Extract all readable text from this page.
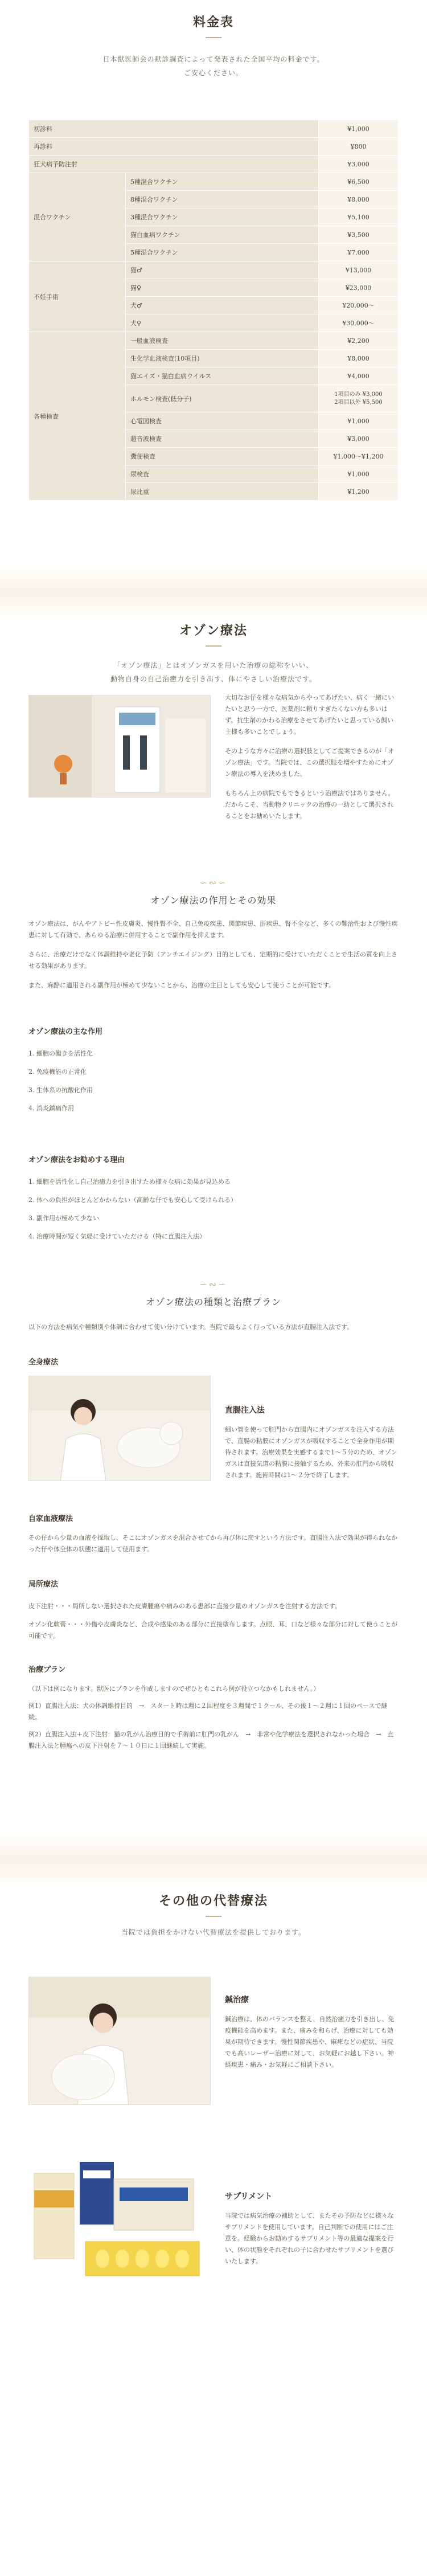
料金表
日本獣医師会の献診調査によって発表された全国平均の料金です。
ご安心ください。
初診料		¥1,000
再診料		¥800
狂犬病予防注射		¥3,000
混合ワクチン	5種混合ワクチン	¥6,500
	8種混合ワクチン	¥8,000
	3種混合ワクチン	¥5,100
	猫白血病ワクチン	¥3,500
	5種混合ワクチン	¥7,000
不妊手術	猫♂	¥13,000
	猫♀	¥23,000
	犬♂	¥20,000〜
	犬♀	¥30,000〜
各種検査	一般血液検査	¥2,200
	生化学血液検査(10項目)	¥8,000
	猫エイズ・猫白血病ウイルス	¥4,000
	ホルモン検査(低分子)	1項目のみ ¥3,000
2項目以外 ¥5,500
	心電図検査	¥1,000
	超音波検査	¥3,000
	糞便検査	¥1,000〜¥1,200
	尿検査	¥1,000
	尿比重	¥1,200
オゾン療法
「オゾン療法」とはオゾンガスを用いた治療の総称をいい、
動物自身の自己治癒力を引き出す、体にやさしい治療法です。

大切なお仔を様々な病気からやってあげたい、病く一緒にいたいと思う一方で、医薬剤に頼りすぎたくない方も多いはず。抗生剤のかわる治療をさせてあげたいと思っている飼い主様も多いことでしょう。

そのような方々に治療の選択肢としてご提案できるのが「オゾン療法」です。当院では、この選択肢を増やすためにオゾン療法の導入を決めました。

もちろん上の病院でもできるという治療法ではありません。だからこそ、当動物クリニックの治療の一助として選択されることをお勧めいたします。

∽∾∽
オゾン療法の作用とその効果

オゾン療法は、がんやアトピー性皮膚炎、慢性腎不全、自己免疫疾患、関節疾患、肝疾患、腎不全など、多くの難治性および慢性疾患に対して有効で、あらゆる治療に併用することで副作用を抑えます。

さらに、治療だけでなく体調維持や老化予防（アンチエイジング）目的としても、定期的に受けていただくことで生活の質を向上させる効果があります。

また、麻酔に適用される副作用が極めて少ないことから、治療の主目としても安心して使うことが可能です。

オゾン療法の主な作用
1. 細胞の働きを活性化
2. 免疫機能の正常化
3. 生体系の抗酸化作用
4. 消炎鎮痛作用
オゾン療法をお勧めする理由
1. 細胞を活性化し自己治癒力を引き出すため様々な病に効果が見込める
2. 体への負担がほとんどかからない（高齢な仔でも安心して受けられる）
3. 副作用が極めて少ない
4. 治療時間が短く気軽に受けていただける（特に直腸注入法）
∽∾∽
オゾン療法の種類と治療プラン
以下の方法を病気や種類別や体調に合わせて使い分けています。当院で最もよく行っている方法が直腸注入法です。
全身療法
直腸注入法
細い管を使って肛門から直腸内にオゾンガスを注入する方法で、直腸の粘膜にオゾンガスが吸収することで全身作用が期待されます。治療効果を実感するまで1〜５分のため、オゾンガスは直接気道の粘膜に接触するため、外来の肛門から吸収されます。施術時間は1〜２分で終了します。
自家血液療法
その仔から少量の血液を採取し、そこにオゾンガスを混合させてから再び体に戻すという方法です。直腸注入法で効果が得られなかった仔や体全体の状態に適用して使用ます。
局所療法

皮下注射・・・局所しない選択された皮膚腫瘍や痛みのある患部に直接少量のオゾンガスを注射する方法です。

オゾン化軟膏・・・外傷や皮膚炎など、合成や感染のある部分に直接塗布します。点眼、耳、口など様々な部分に対して使うことが可能です。

治療プラン

（以下は例になります。獣医にプランを作成しますのでぜひともこれら例が役立つなかもしれません。）

例1）直腸注入法：犬の体調維持目的　→　スタート時は週に２回程度を３週間で１クール、その後１〜２週に１回のペースで継続。

例2）直腸注入法＋皮下注射：猫の乳がん治療目的で手術前に肛門の乳がん　→　非常や化学療法を選択されなかった場合　→　直腸注入法と腫瘍への皮下注射を７〜１０日に１回継続して実施。

その他の代替療法
当院では負担をかけない代替療法を提供しております。
鍼治療
鍼治療は、体のバランスを整え、自然治癒力を引き出し、免疫機能を高めます。また、痛みを和らげ、治療に対しても効果が期待できます。慢性関節疾患や、麻痺などの症状、当院でも高いレーザー治療に対して、お気軽にお越し下さい。神経疾患・痛み・お気軽にご相談下さい。
サプリメント
当院では病気治療の補助として、またその予防などに様々なサプリメントを使用しています。自己判断での使用にはご注意を。経験からお勧めするサプリメント等の最適な提案を行い、体の状態をそれぞれの子に合わせたサプリメントを選びいたします。
